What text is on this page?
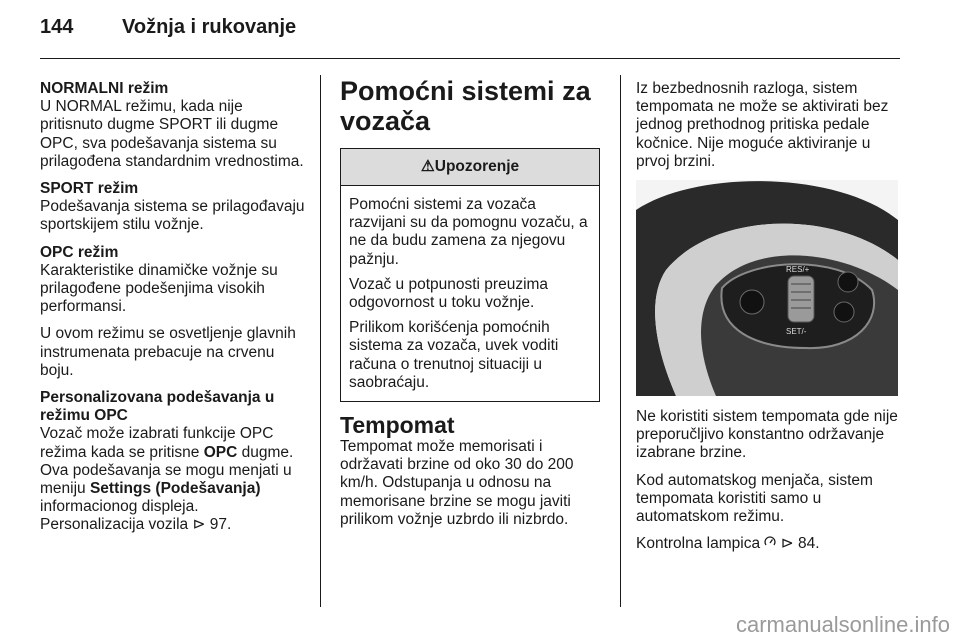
144 Vožnja i rukovanje

NORMALNI režim
U NORMAL režimu, kada nije pritisnuto dugme SPORT ili dugme OPC, sva podešavanja sistema su prilagođena standardnim vrednostima.

SPORT režim
Podešavanja sistema se prilagođavaju sportskijem stilu vožnje.

OPC režim
Karakteristike dinamičke vožnje su prilagođene podešenjima visokih performansi.

U ovom režimu se osvetljenje glavnih instrumenata prebacuje na crvenu boju.

Personalizovana podešavanja u režimu OPC
Vozač može izabrati funkcije OPC režima kada se pritisne OPC dugme. Ova podešavanja se mogu menjati u meniju Settings (Podešavanja) informacionog displeja.
Personalizacija vozila ⊳ 97.

Pomoćni sistemi za vozača
⚠Upozorenje

Pomoćni sistemi za vozača razvijani su da pomognu vozaču, a ne da budu zamena za njegovu pažnju.

Vozač u potpunosti preuzima odgovornost u toku vožnje.

Prilikom korišćenja pomoćnih sistema za vozača, uvek voditi računa o trenutnoj situaciji u saobraćaju.

Tempomat

Tempomat može memorisati i održavati brzine od oko 30 do 200 km/h. Odstupanja u odnosu na memorisane brzine se mogu javiti prilikom vožnje uzbrdo ili nizbrdo.

Iz bezbednosnih razloga, sistem tempomata ne može se aktivirati bez jednog prethodnog pritiska pedale kočnice. Nije moguće aktiviranje u prvoj brzini.

RES/+
SET/-

Ne koristiti sistem tempomata gde nije preporučljivo konstantno održavanje izabrane brzine.

Kod automatskog menjača, sistem tempomata koristiti samo u automatskom režimu.

Kontrolna lampica  ⊳ 84.

carmanualsonline.info
